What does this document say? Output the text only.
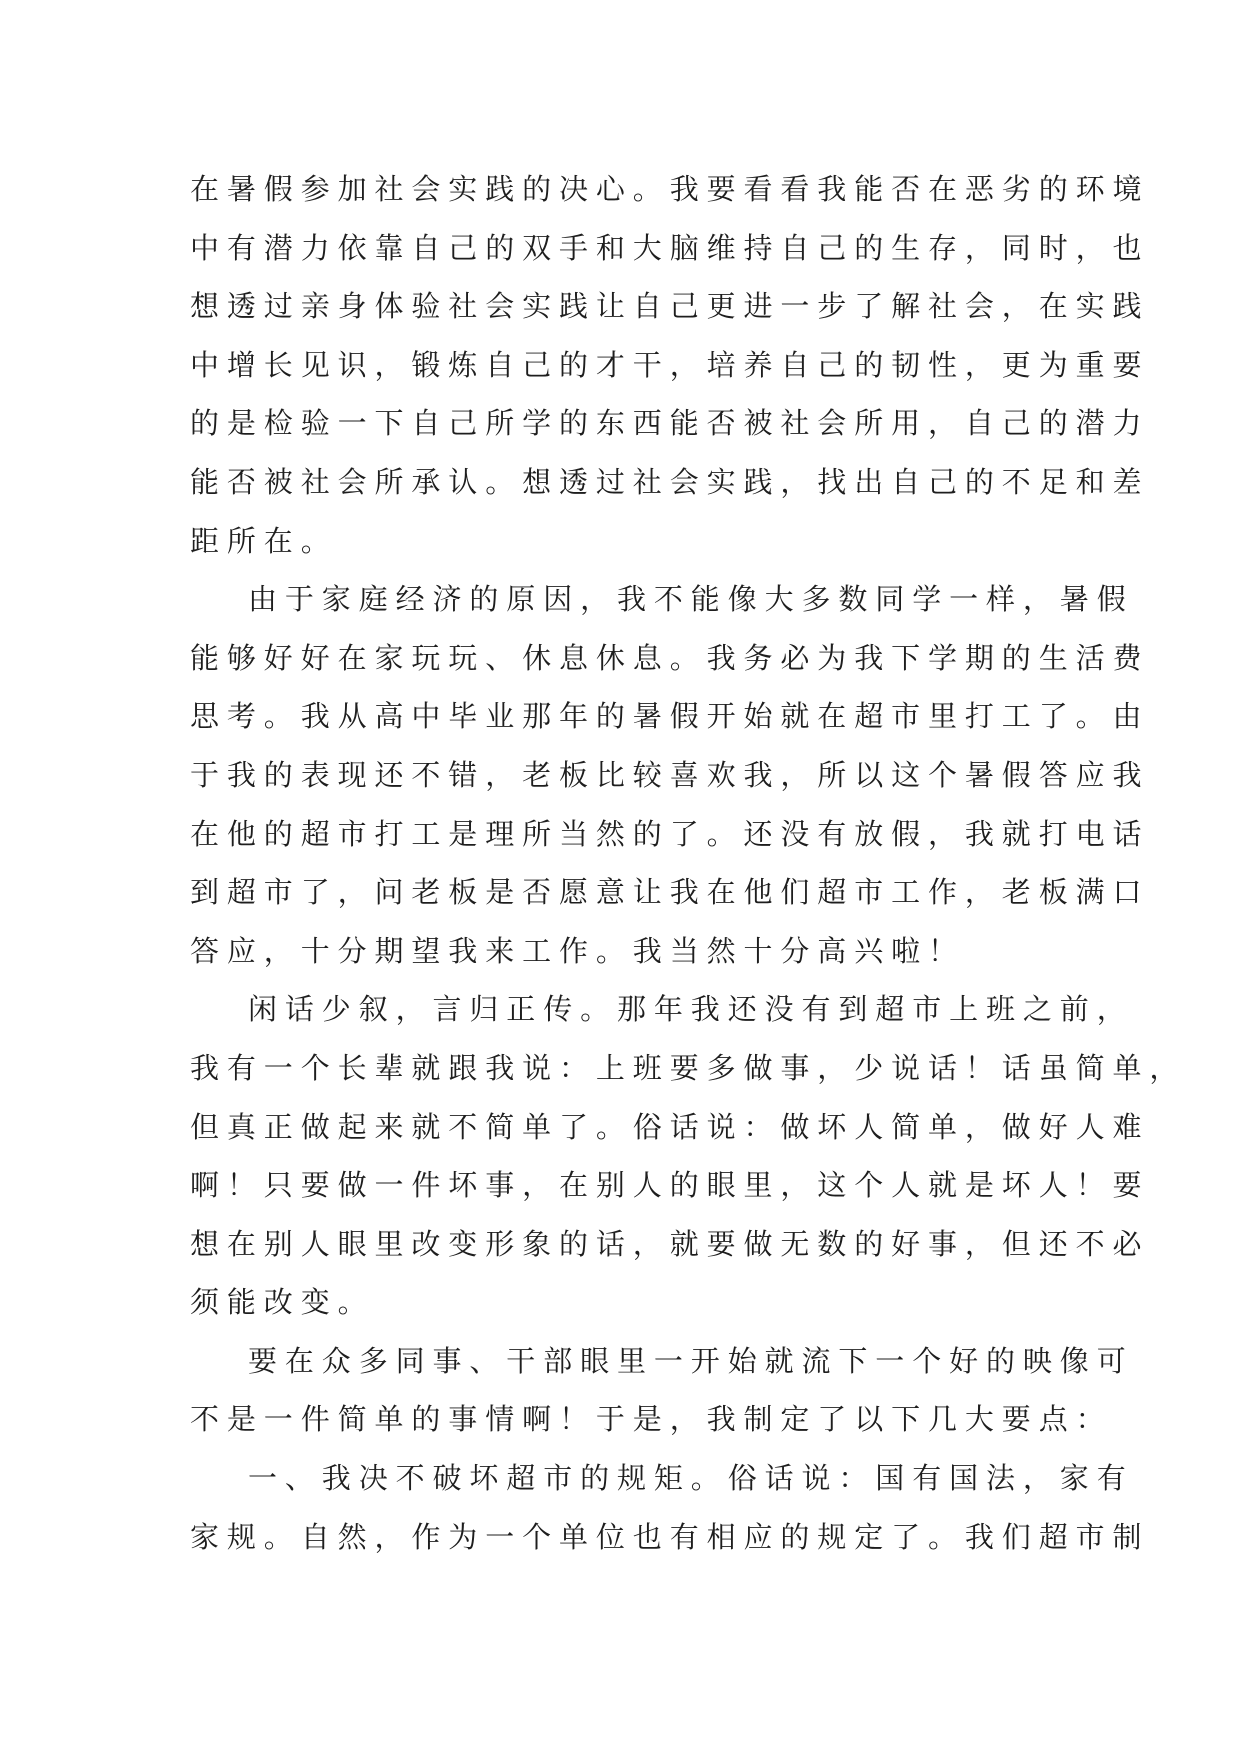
在暑假参加社会实践的决心。我要看看我能否在恶劣的环境
中有潜力依靠自己的双手和大脑维持自己的生存，同时，也
想透过亲身体验社会实践让自己更进一步了解社会，在实践
中增长见识，锻炼自己的才干，培养自己的韧性，更为重要
的是检验一下自己所学的东西能否被社会所用，自己的潜力
能否被社会所承认。想透过社会实践，找出自己的不足和差
距所在。

由于家庭经济的原因，我不能像大多数同学一样，暑假
能够好好在家玩玩、休息休息。我务必为我下学期的生活费
思考。我从高中毕业那年的暑假开始就在超市里打工了。由
于我的表现还不错，老板比较喜欢我，所以这个暑假答应我
在他的超市打工是理所当然的了。还没有放假，我就打电话
到超市了，问老板是否愿意让我在他们超市工作，老板满口
答应，十分期望我来工作。我当然十分高兴啦！

闲话少叙，言归正传。那年我还没有到超市上班之前，
我有一个长辈就跟我说：上班要多做事，少说话！话虽简单，
但真正做起来就不简单了。俗话说：做坏人简单，做好人难
啊！只要做一件坏事，在别人的眼里，这个人就是坏人！要
想在别人眼里改变形象的话，就要做无数的好事，但还不必
须能改变。

要在众多同事、干部眼里一开始就流下一个好的映像可
不是一件简单的事情啊！于是，我制定了以下几大要点：

一、我决不破坏超市的规矩。俗话说：国有国法，家有
家规。自然，作为一个单位也有相应的规定了。我们超市制
